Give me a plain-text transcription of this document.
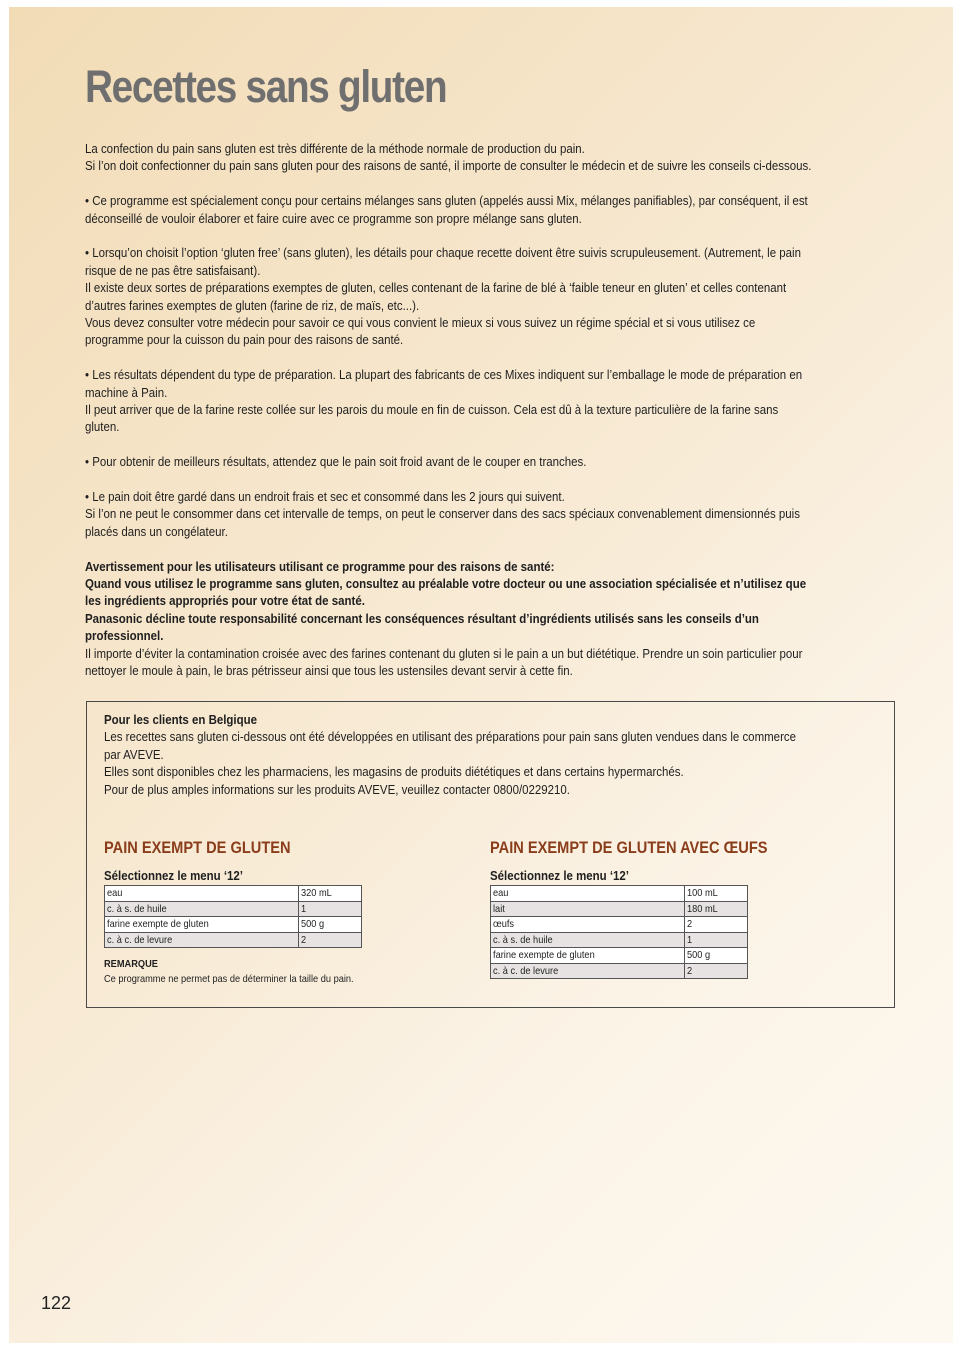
Recettes sans gluten
La confection du pain sans gluten est très différente de la méthode normale de production du pain.
Si l’on doit confectionner du pain sans gluten pour des raisons de santé, il importe de consulter le médecin et de suivre les conseils ci-dessous.
• Ce programme est spécialement conçu pour certains mélanges sans gluten (appelés aussi Mix, mélanges panifiables), par conséquent, il est
déconseillé de vouloir élaborer et faire cuire avec ce programme son propre mélange sans gluten.
• Lorsqu’on choisit l’option ‘gluten free’ (sans gluten), les détails pour chaque recette doivent être suivis scrupuleusement. (Autrement, le pain
risque de ne pas être satisfaisant).
Il existe deux sortes de préparations exemptes de gluten, celles contenant de la farine de blé à ‘faible teneur en gluten’ et celles contenant
d’autres farines exemptes de gluten (farine de riz, de maïs, etc...).
Vous devez consulter votre médecin pour savoir ce qui vous convient le mieux si vous suivez un régime spécial et si vous utilisez ce
programme pour la cuisson du pain pour des raisons de santé.
• Les résultats dépendent du type de préparation. La plupart des fabricants de ces Mixes indiquent sur l’emballage le mode de préparation en
machine à Pain.
Il peut arriver que de la farine reste collée sur les parois du moule en fin de cuisson. Cela est dû à la texture particulière de la farine sans
gluten.
• Pour obtenir de meilleurs résultats, attendez que le pain soit froid avant de le couper en tranches.
• Le pain doit être gardé dans un endroit frais et sec et consommé dans les 2 jours qui suivent.
Si l’on ne peut le consommer dans cet intervalle de temps, on peut le conserver dans des sacs spéciaux convenablement dimensionnés puis
placés dans un congélateur.
Avertissement pour les utilisateurs utilisant ce programme pour des raisons de santé:
Quand vous utilisez le programme sans gluten, consultez au préalable votre docteur ou une association spécialisée et n’utilisez que
les ingrédients appropriés pour votre état de santé.
Panasonic décline toute responsabilité concernant les conséquences résultant d’ingrédients utilisés sans les conseils d’un
professionnel.
Il importe d’éviter la contamination croisée avec des farines contenant du gluten si le pain a un but diététique. Prendre un soin particulier pour
nettoyer le moule à pain, le bras pétrisseur ainsi que tous les ustensiles devant servir à cette fin.
Pour les clients en Belgique
Les recettes sans gluten ci-dessous ont été développées en utilisant des préparations pour pain sans gluten vendues dans le commerce
par AVEVE.
Elles sont disponibles chez les pharmaciens, les magasins de produits diététiques et dans certains hypermarchés.
Pour de plus amples informations sur les produits AVEVE, veuillez contacter 0800/0229210.
PAIN EXEMPT DE GLUTEN
Sélectionnez le menu ‘12’
eau	320 mL
c. à s. de huile	1
farine exempte de gluten	500 g
c. à c. de levure	2
REMARQUE
Ce programme ne permet pas de déterminer la taille du pain.
PAIN EXEMPT DE GLUTEN AVEC ŒUFS
Sélectionnez le menu ‘12’
eau	100 mL
lait	180 mL
œufs	2
c. à s. de huile	1
farine exempte de gluten	500 g
c. à c. de levure	2
122
